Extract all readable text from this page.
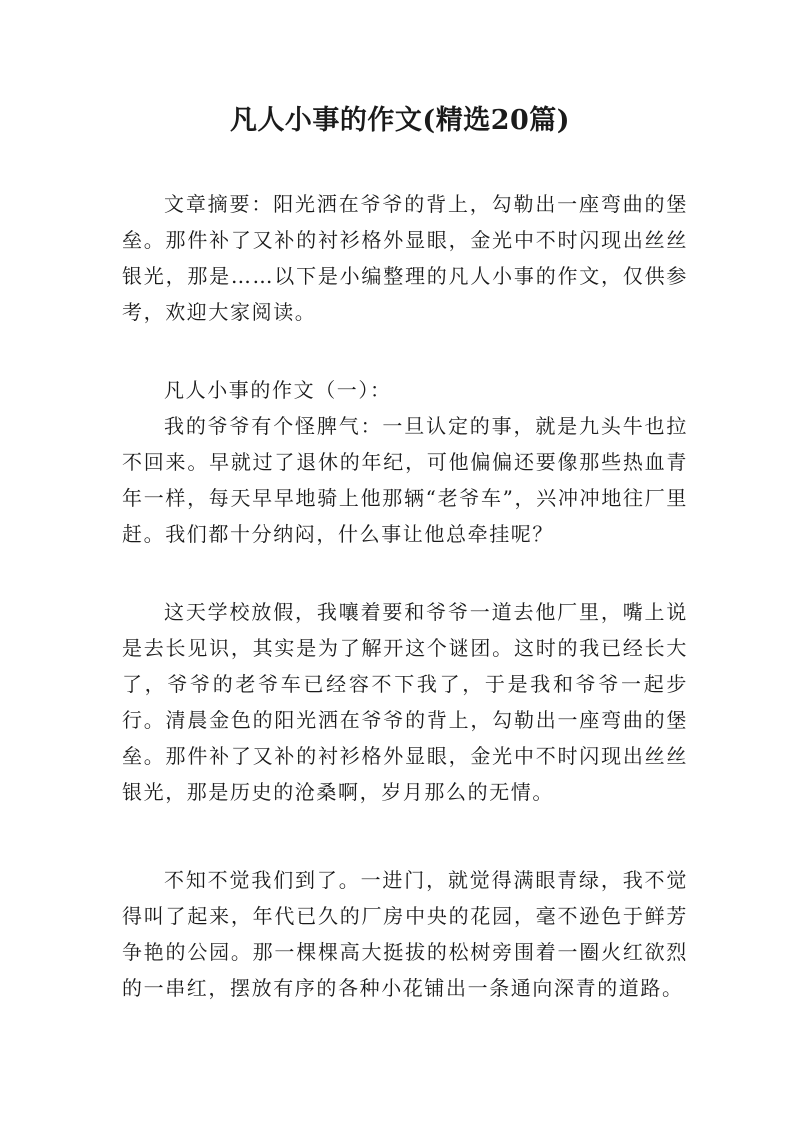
凡人小事的作文(精选20篇)

文章摘要：阳光洒在爷爷的背上，勾勒出一座弯曲的堡垒。那件补了又补的衬衫格外显眼，金光中不时闪现出丝丝银光，那是……以下是小编整理的凡人小事的作文，仅供参考，欢迎大家阅读。

凡人小事的作文（一）：

我的爷爷有个怪脾气：一旦认定的事，就是九头牛也拉不回来。早就过了退休的年纪，可他偏偏还要像那些热血青年一样，每天早早地骑上他那辆“老爷车”，兴冲冲地往厂里赶。我们都十分纳闷，什么事让他总牵挂呢？

这天学校放假，我嚷着要和爷爷一道去他厂里，嘴上说是去长见识，其实是为了解开这个谜团。这时的我已经长大了，爷爷的老爷车已经容不下我了，于是我和爷爷一起步行。清晨金色的阳光洒在爷爷的背上，勾勒出一座弯曲的堡垒。那件补了又补的衬衫格外显眼，金光中不时闪现出丝丝银光，那是历史的沧桑啊，岁月那么的无情。

不知不觉我们到了。一进门，就觉得满眼青绿，我不觉得叫了起来，年代已久的厂房中央的花园，毫不逊色于鲜芳争艳的公园。那一棵棵高大挺拔的松树旁围着一圈火红欲烈的一串红，摆放有序的各种小花铺出一条通向深青的道路。
